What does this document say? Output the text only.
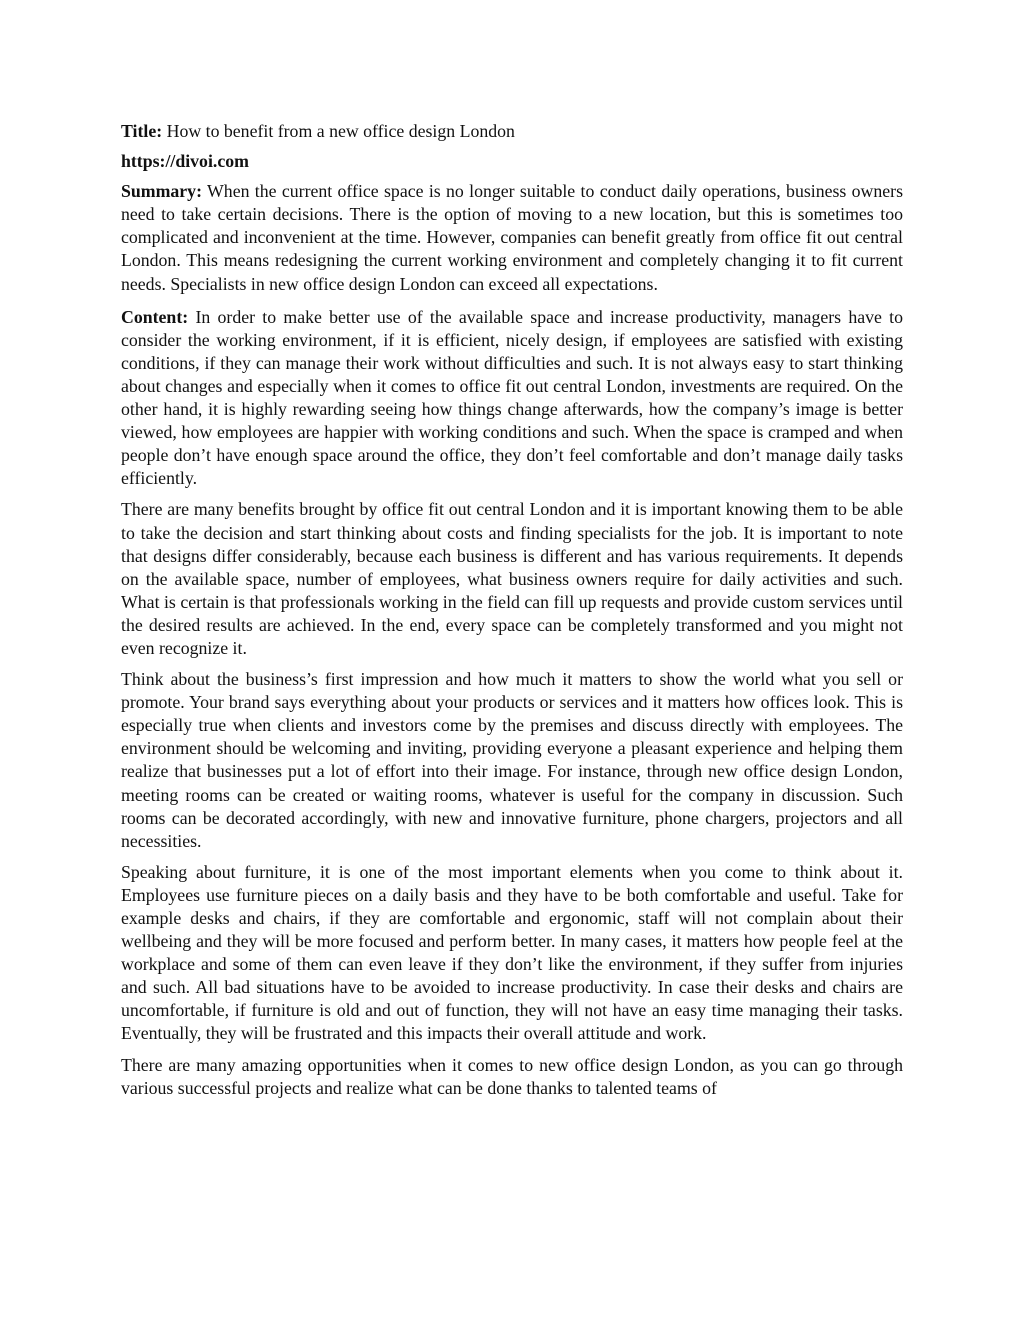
Title: How to benefit from a new office design London

https://divoi.com

Summary: When the current office space is no longer suitable to conduct daily operations, business owners need to take certain decisions. There is the option of moving to a new location, but this is sometimes too complicated and inconvenient at the time. However, companies can benefit greatly from office fit out central London. This means redesigning the current working environment and completely changing it to fit current needs. Specialists in new office design London can exceed all expectations.

Content: In order to make better use of the available space and increase productivity, managers have to consider the working environment, if it is efficient, nicely design, if employees are satisfied with existing conditions, if they can manage their work without difficulties and such. It is not always easy to start thinking about changes and especially when it comes to office fit out central London, investments are required. On the other hand, it is highly rewarding seeing how things change afterwards, how the company’s image is better viewed, how employees are happier with working conditions and such. When the space is cramped and when people don’t have enough space around the office, they don’t feel comfortable and don’t manage daily tasks efficiently.

There are many benefits brought by office fit out central London and it is important knowing them to be able to take the decision and start thinking about costs and finding specialists for the job. It is important to note that designs differ considerably, because each business is different and has various requirements. It depends on the available space, number of employees, what business owners require for daily activities and such. What is certain is that professionals working in the field can fill up requests and provide custom services until the desired results are achieved. In the end, every space can be completely transformed and you might not even recognize it.

Think about the business’s first impression and how much it matters to show the world what you sell or promote. Your brand says everything about your products or services and it matters how offices look. This is especially true when clients and investors come by the premises and discuss directly with employees. The environment should be welcoming and inviting, providing everyone a pleasant experience and helping them realize that businesses put a lot of effort into their image. For instance, through new office design London, meeting rooms can be created or waiting rooms, whatever is useful for the company in discussion. Such rooms can be decorated accordingly, with new and innovative furniture, phone chargers, projectors and all necessities.

Speaking about furniture, it is one of the most important elements when you come to think about it. Employees use furniture pieces on a daily basis and they have to be both comfortable and useful. Take for example desks and chairs, if they are comfortable and ergonomic, staff will not complain about their wellbeing and they will be more focused and perform better. In many cases, it matters how people feel at the workplace and some of them can even leave if they don’t like the environment, if they suffer from injuries and such. All bad situations have to be avoided to increase productivity. In case their desks and chairs are uncomfortable, if furniture is old and out of function, they will not have an easy time managing their tasks. Eventually, they will be frustrated and this impacts their overall attitude and work.

There are many amazing opportunities when it comes to new office design London, as you can go through various successful projects and realize what can be done thanks to talented teams of
